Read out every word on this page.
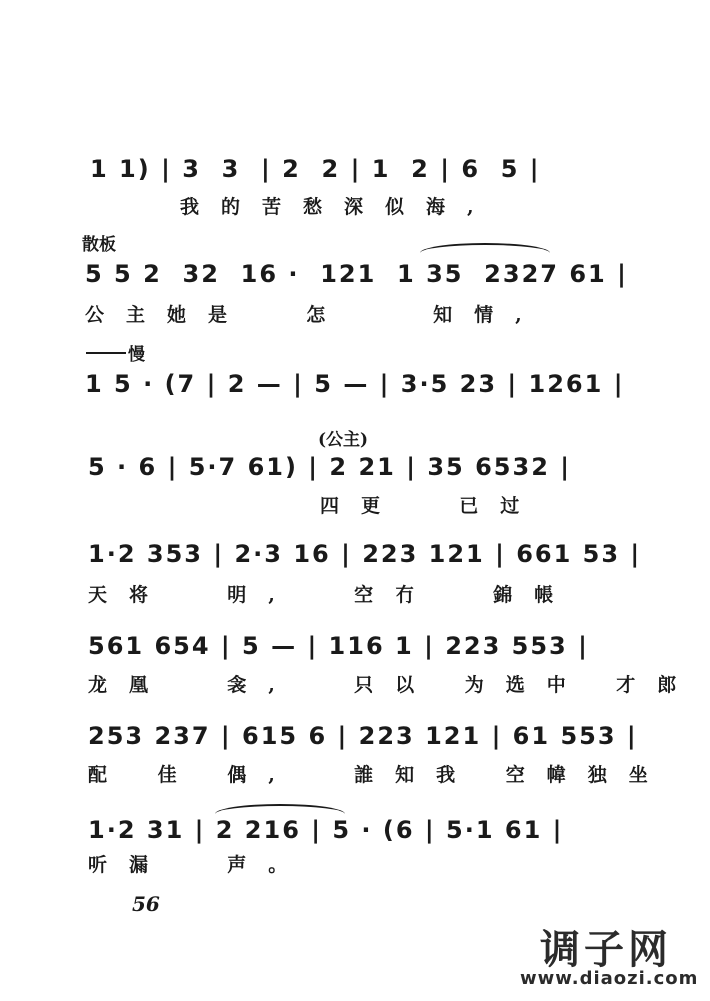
1 1) | 3  3  | 2  2 | 1  2 | 6  5 |
我的苦愁深似海,
散板
5 5 2  32  16 ·  121  1 35  2327 61 |
公主她是  怎   知情,
慢
1 5 · (7 | 2 — | 5 — | 3·5 23 | 1261 |
(公主)
5 · 6 | 5·7 61) | 2 21 | 35 6532 |
四更  已过
1·2 353 | 2·3 16 | 223 121 | 661 53 |
天将  明,  空冇  錦帳
561 654 | 5 — | 116 1 | 223 553 |
龙凰  衾,  只以 为选中 才郎
253 237 | 615 6 | 223 121 | 61 553 |
配 佳 偶,  誰知我 空幃独坐
1·2 31 | 2 216 | 5 · (6 | 5·1 61 |
听漏  声。
56
调子网
www.diaozi.com
